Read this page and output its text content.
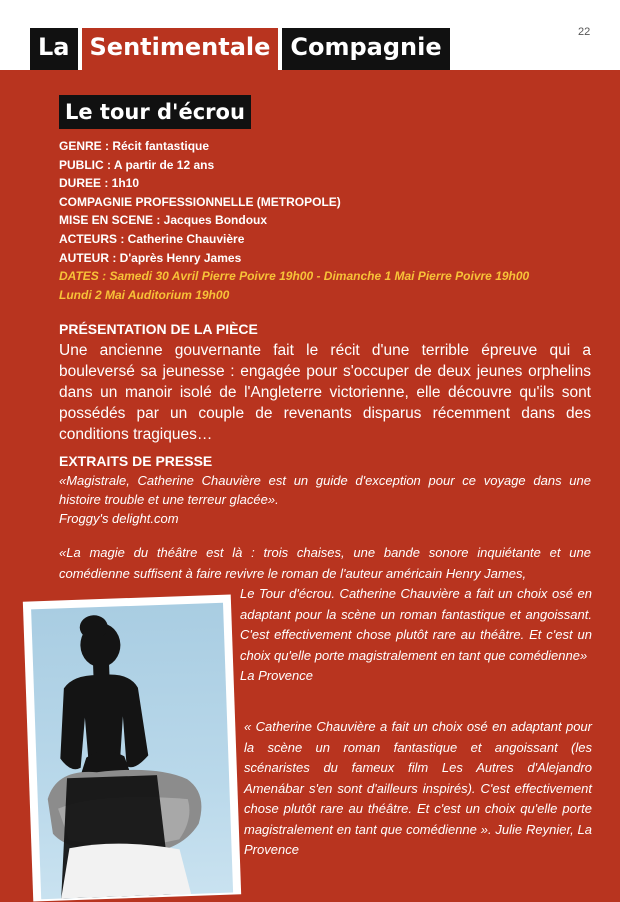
22
La Sentimentale Compagnie
Le tour d'écrou
GENRE : Récit fantastique
PUBLIC : A partir de 12 ans
DUREE : 1h10
COMPAGNIE PROFESSIONNELLE (METROPOLE)
MISE EN SCENE : Jacques Bondoux
ACTEURS : Catherine Chauvière
AUTEUR : D'après Henry James
DATES : Samedi 30 Avril Pierre Poivre 19h00 - Dimanche 1 Mai Pierre Poivre 19h00
Lundi 2 Mai Auditorium 19h00
PRÉSENTATION DE LA PIÈCE
Une ancienne gouvernante fait le récit d'une terrible épreuve qui a bouleversé sa jeunesse : engagée pour s'occuper de deux jeunes orphelins dans un manoir isolé de l'Angleterre victorienne, elle découvre qu'ils sont possédés par un couple de revenants disparus récemment dans des conditions tragiques…
EXTRAITS DE PRESSE
«Magistrale, Catherine Chauvière est un guide d'exception pour ce voyage dans une histoire trouble et une terreur glacée».
Froggy's delight.com
«La magie du théâtre est là : trois chaises, une bande sonore inquiétante et une comédienne suffisent à faire revivre le roman de l'auteur américain Henry James,
Le Tour d'écrou. Catherine Chauvière a fait un choix osé en adaptant pour la scène un roman fantastique et angoissant. C'est effectivement chose plutôt rare au théâtre. Et c'est un choix qu'elle porte magistralement en tant que comédienne»
La Provence
« Catherine Chauvière a fait un choix osé en adaptant pour la scène un roman fantastique et angoissant (les scénaristes du fameux film Les Autres d'Alejandro Amenábar s'en sont d'ailleurs inspirés). C'est effectivement chose plutôt rare au théâtre. Et c'est un choix qu'elle porte magistralement en tant que comédienne ». Julie Reynier, La Provence
